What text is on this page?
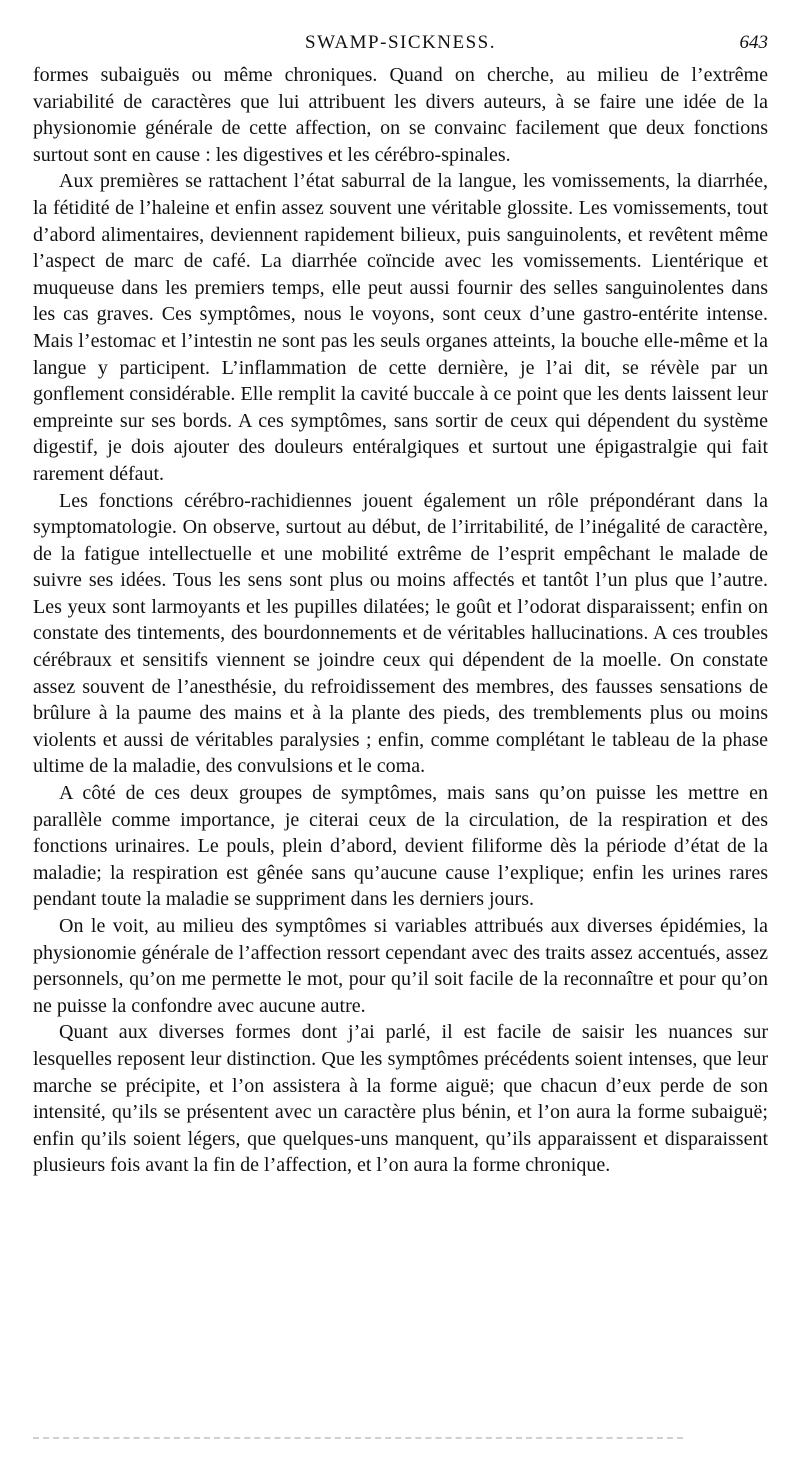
SWAMP-SICKNESS.	643

formes subaiguës ou même chroniques. Quand on cherche, au milieu de l’extrême variabilité de caractères que lui attribuent les divers auteurs, à se faire une idée de la physionomie générale de cette affection, on se convainc facilement que deux fonctions surtout sont en cause : les digestives et les cérébro-spinales.

Aux premières se rattachent l’état saburral de la langue, les vomissements, la diarrhée, la fétidité de l’haleine et enfin assez souvent une véritable glossite. Les vomissements, tout d’abord alimentaires, deviennent rapidement bilieux, puis sanguinolents, et revêtent même l’aspect de marc de café. La diarrhée coïncide avec les vomissements. Lientérique et muqueuse dans les premiers temps, elle peut aussi fournir des selles sanguinolentes dans les cas graves. Ces symptômes, nous le voyons, sont ceux d’une gastro-entérite intense. Mais l’estomac et l’intestin ne sont pas les seuls organes atteints, la bouche elle-même et la langue y participent. L’inflammation de cette dernière, je l’ai dit, se révèle par un gonflement considérable. Elle remplit la cavité buccale à ce point que les dents laissent leur empreinte sur ses bords. A ces symptômes, sans sortir de ceux qui dépendent du système digestif, je dois ajouter des douleurs entéralgiques et surtout une épigastralgie qui fait rarement défaut.

Les fonctions cérébro-rachidiennes jouent également un rôle prépondérant dans la symptomatologie. On observe, surtout au début, de l’irritabilité, de l’inégalité de caractère, de la fatigue intellectuelle et une mobilité extrême de l’esprit empêchant le malade de suivre ses idées. Tous les sens sont plus ou moins affectés et tantôt l’un plus que l’autre. Les yeux sont larmoyants et les pupilles dilatées; le goût et l’odorat disparaissent; enfin on constate des tintements, des bourdonnements et de véritables hallucinations. A ces troubles cérébraux et sensitifs viennent se joindre ceux qui dépendent de la moelle. On constate assez souvent de l’anesthésie, du refroidissement des membres, des fausses sensations de brûlure à la paume des mains et à la plante des pieds, des tremblements plus ou moins violents et aussi de véritables paralysies ; enfin, comme complétant le tableau de la phase ultime de la maladie, des convulsions et le coma.

A côté de ces deux groupes de symptômes, mais sans qu’on puisse les mettre en parallèle comme importance, je citerai ceux de la circulation, de la respiration et des fonctions urinaires. Le pouls, plein d’abord, devient filiforme dès la période d’état de la maladie; la respiration est gênée sans qu’aucune cause l’explique; enfin les urines rares pendant toute la maladie se suppriment dans les derniers jours.

On le voit, au milieu des symptômes si variables attribués aux diverses épidémies, la physionomie générale de l’affection ressort cependant avec des traits assez accentués, assez personnels, qu’on me permette le mot, pour qu’il soit facile de la reconnaître et pour qu’on ne puisse la confondre avec aucune autre.

Quant aux diverses formes dont j’ai parlé, il est facile de saisir les nuances sur lesquelles reposent leur distinction. Que les symptômes précédents soient intenses, que leur marche se précipite, et l’on assistera à la forme aiguë; que chacun d’eux perde de son intensité, qu’ils se présentent avec un caractère plus bénin, et l’on aura la forme subaiguë; enfin qu’ils soient légers, que quelques-uns manquent, qu’ils apparaissent et disparaissent plusieurs fois avant la fin de l’affection, et l’on aura la forme chronique.
